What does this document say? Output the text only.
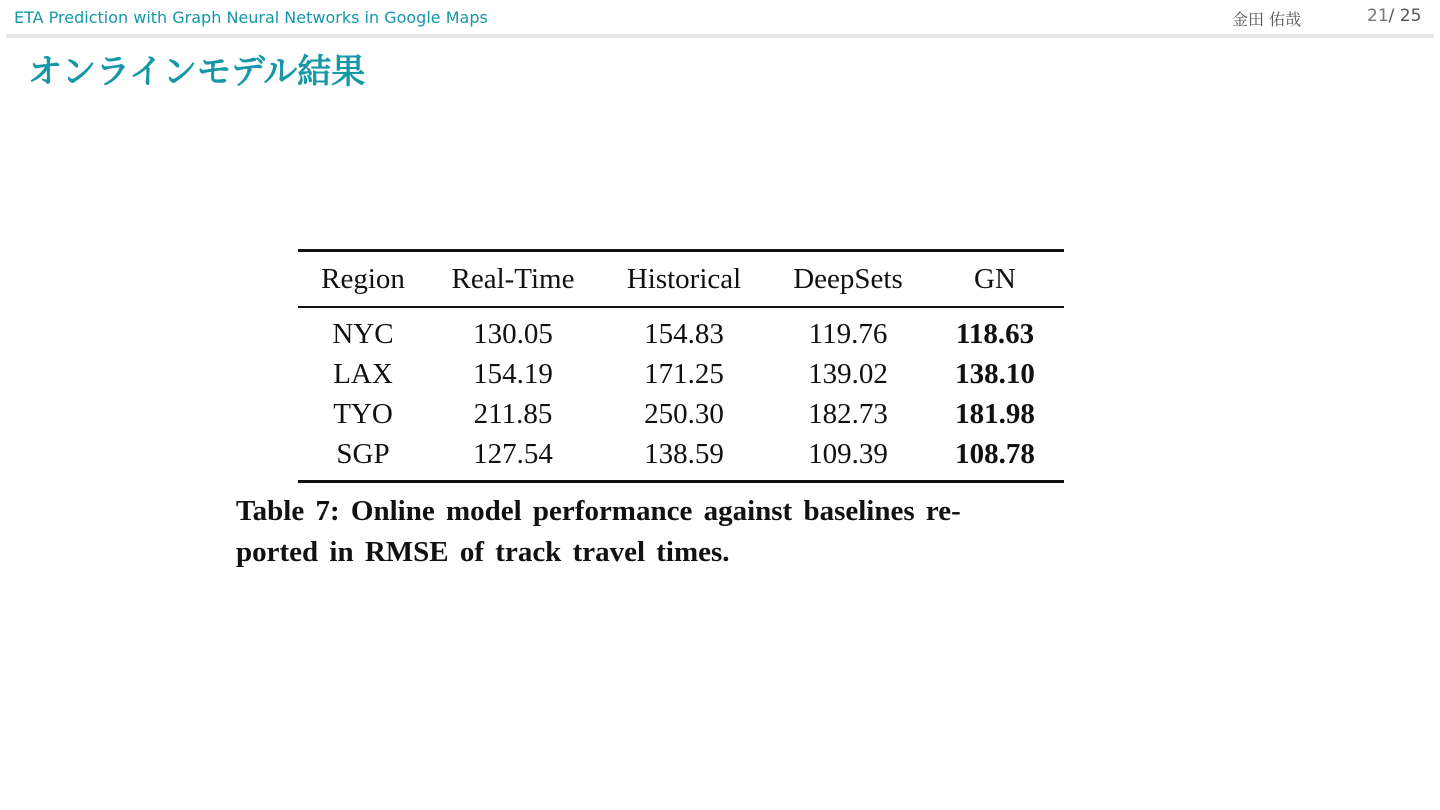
ETA Prediction with Graph Neural Networks in Google Maps	金田 佑哉	21/ 25
オンラインモデル結果
Region	Real-Time	Historical	DeepSets	GN
NYC	130.05	154.83	119.76	118.63
LAX	154.19	171.25	139.02	138.10
TYO	211.85	250.30	182.73	181.98
SGP	127.54	138.59	109.39	108.78
Table 7: Online model performance against baselines re-
ported in RMSE of track travel times.
